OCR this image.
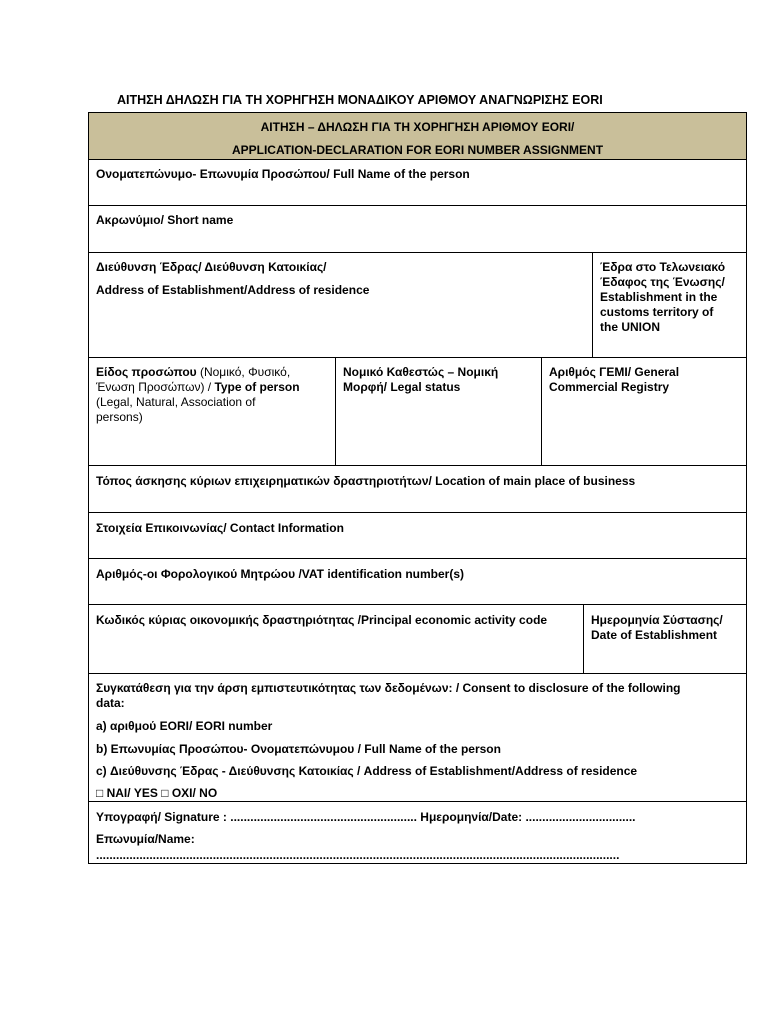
ΑΙΤΗΣΗ ΔΗΛΩΣΗ ΓΙΑ ΤΗ ΧΟΡΗΓΗΣΗ ΜΟΝΑΔΙΚΟΥ ΑΡΙΘΜΟΥ ΑΝΑΓΝΩΡΙΣΗΣ EORI
ΑΙΤΗΣΗ – ΔΗΛΩΣΗ ΓΙΑ ΤΗ ΧΟΡΗΓΗΣΗ ΑΡΙΘΜΟΥ EORI/
APPLICATION-DECLARATION FOR EORI NUMBER ASSIGNMENT
Ονοματεπώνυμο- Επωνυμία Προσώπου/ Full Name of the person
Ακρωνύμιο/ Short name
Διεύθυνση Έδρας/ Διεύθυνση Κατοικίας/
Address of Establishment/Address of residence
Έδρα στο Τελωνειακό
Έδαφος της Ένωσης/
Establishment in the
customs territory of
the UNION
Είδος προσώπου (Νομικό, Φυσικό,
Ένωση Προσώπων) / Type of person
(Legal, Natural, Association of
persons)
Νομικό Καθεστώς – Νομική
Μορφή/ Legal status
Αριθμός ΓΕΜΙ/ General
Commercial Registry
Τόπος άσκησης κύριων επιχειρηματικών δραστηριοτήτων/ Location of main place of business
Στοιχεία Επικοινωνίας/ Contact Information
Αριθμός-οι Φορολογικού Μητρώου /VAT identification number(s)
Κωδικός κύριας οικονομικής δραστηριότητας /Principal economic activity code	Ημερομηνία Σύστασης/
Date of Establishment
Συγκατάθεση για την άρση εμπιστευτικότητας των δεδομένων: / Consent to disclosure of the following
data:
a) αριθμού EORI/ EORI number
b) Επωνυμίας Προσώπου- Ονοματεπώνυμου / Full Name of the person
c) Διεύθυνσης Έδρας - Διεύθυνσης Κατοικίας / Address of Establishment/Address of residence
□ ΝΑΙ/ YES □ ΟΧΙ/ NO
Υπογραφή/ Signature : ........................................................ Ημερομηνία/Date: .................................
Επωνυμία/Name:
.............................................................................................................................................................
